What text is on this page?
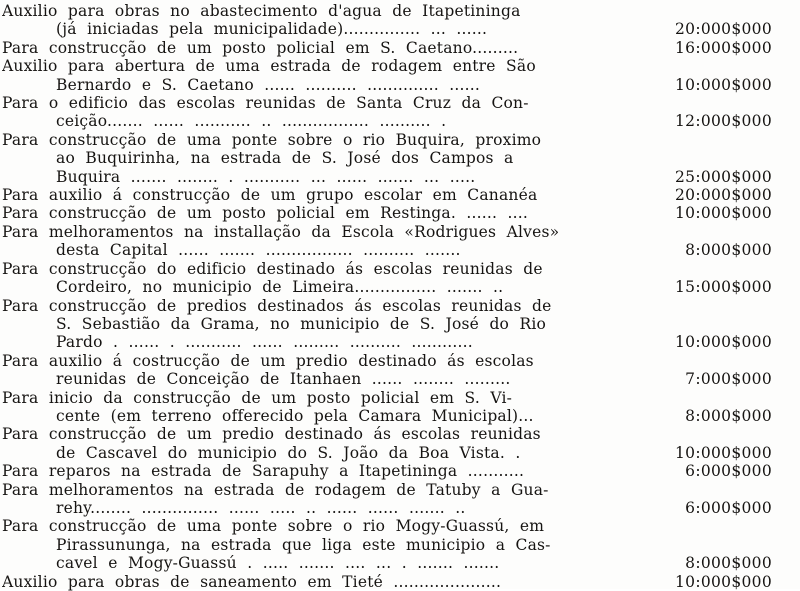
Auxilio para obras no abastecimento d'agua de Itapetininga
(já iniciadas pela municipalidade)............... ... ......	20:000$000
Para construcção de um posto policial em S. Caetano.........	16:000$000
Auxilio para abertura de uma estrada de rodagem entre São
Bernardo e S. Caetano ...... .......... .............. ......	10:000$000
Para o edificio das escolas reunidas de Santa Cruz da Con-
ceição....... ...... ........... .. ................. .......... .	12:000$000
Para construcção de uma ponte sobre o rio Buquira, proximo
ao Buquirinha, na estrada de S. José dos Campos a
Buquira ....... ........ . ........... ... ...... ....... ... .....	25:000$000
Para auxilio á construcção de um grupo escolar em Cananéa	20:000$000
Para construcção de um posto policial em Restinga. ...... ....	10:000$000
Para melhoramentos na installação da Escola «Rodrigues Alves»
desta Capital ...... ....... ................. .......... .......	8:000$000
Para construcção do edificio destinado ás escolas reunidas de
Cordeiro, no municipio de Limeira................ ....... ..	15:000$000
Para construcção de predios destinados ás escolas reunidas de
S. Sebastião da Grama, no municipio de S. José do Rio
Pardo . ...... . ........... ...... ......... .......... ............	10:000$000
Para auxilio á costrucção de um predio destinado ás escolas
reunidas de Conceição de Itanhaen ...... ........ .........	7:000$000
Para inicio da construcção de um posto policial em S. Vi-
cente (em terreno offerecido pela Camara Municipal)...	8:000$000
Para construcção de um predio destinado ás escolas reunidas
de Cascavel do municipio do S. João da Boa Vista. .	10:000$000
Para reparos na estrada de Sarapuhy a Itapetininga ...........	6:000$000
Para melhoramentos na estrada de rodagem de Tatuby a Gua-
rehy........ ............... ...... ..... .. ...... ...... ....... ..	6:000$000
Para construcção de uma ponte sobre o rio Mogy-Guassú, em
Pirassununga, na estrada que liga este municipio a Cas-
cavel e Mogy-Guassú . ..... ....... .... ... . ....... .......	8:000$000
Auxilio para obras de saneamento em Tieté .....................	10:000$000
